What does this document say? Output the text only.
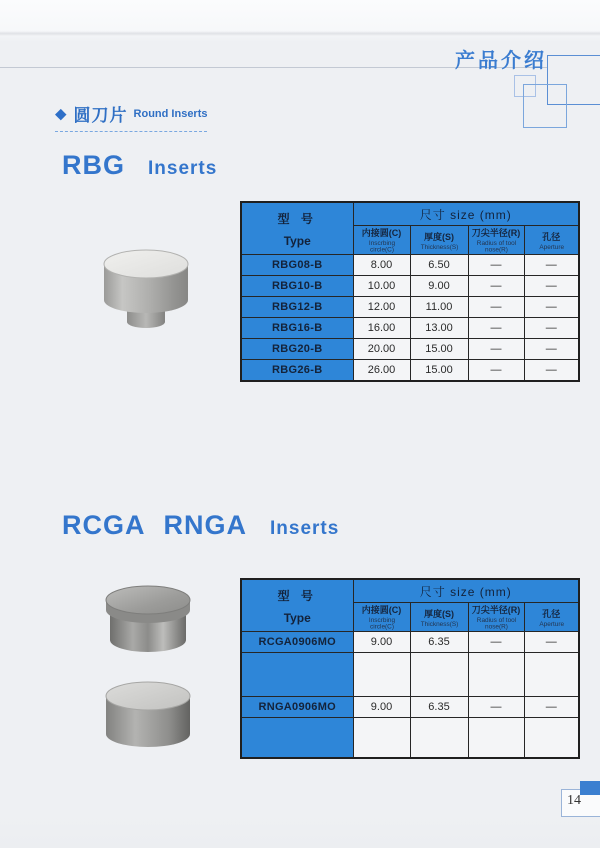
产品介绍
◆ 圆刀片 Round Inserts
RBG Inserts
型 号
Type	尺寸 size (mm)			

内接圆(C)
Inscrbing circle(C)

厚度(S)
Thickness(S)

刀尖半径(R)
Radius of tool nose(R)

孔径
Aperture

RBG08-B	8.00	6.50	—	—
RBG10-B	10.00	9.00	—	—
RBG12-B	12.00	11.00	—	—
RBG16-B	16.00	13.00	—	—
RBG20-B	20.00	15.00	—	—
RBG26-B	26.00	15.00	—	—
RCGA RNGA Inserts
型 号
Type	尺寸 size (mm)			

内接圆(C)
Inscrbing circle(C)

厚度(S)
Thickness(S)

刀尖半径(R)
Radius of tool nose(R)

孔径
Aperture

RCGA0906MO	9.00	6.35	—	—

RNGA0906MO	9.00	6.35	—	—

14
